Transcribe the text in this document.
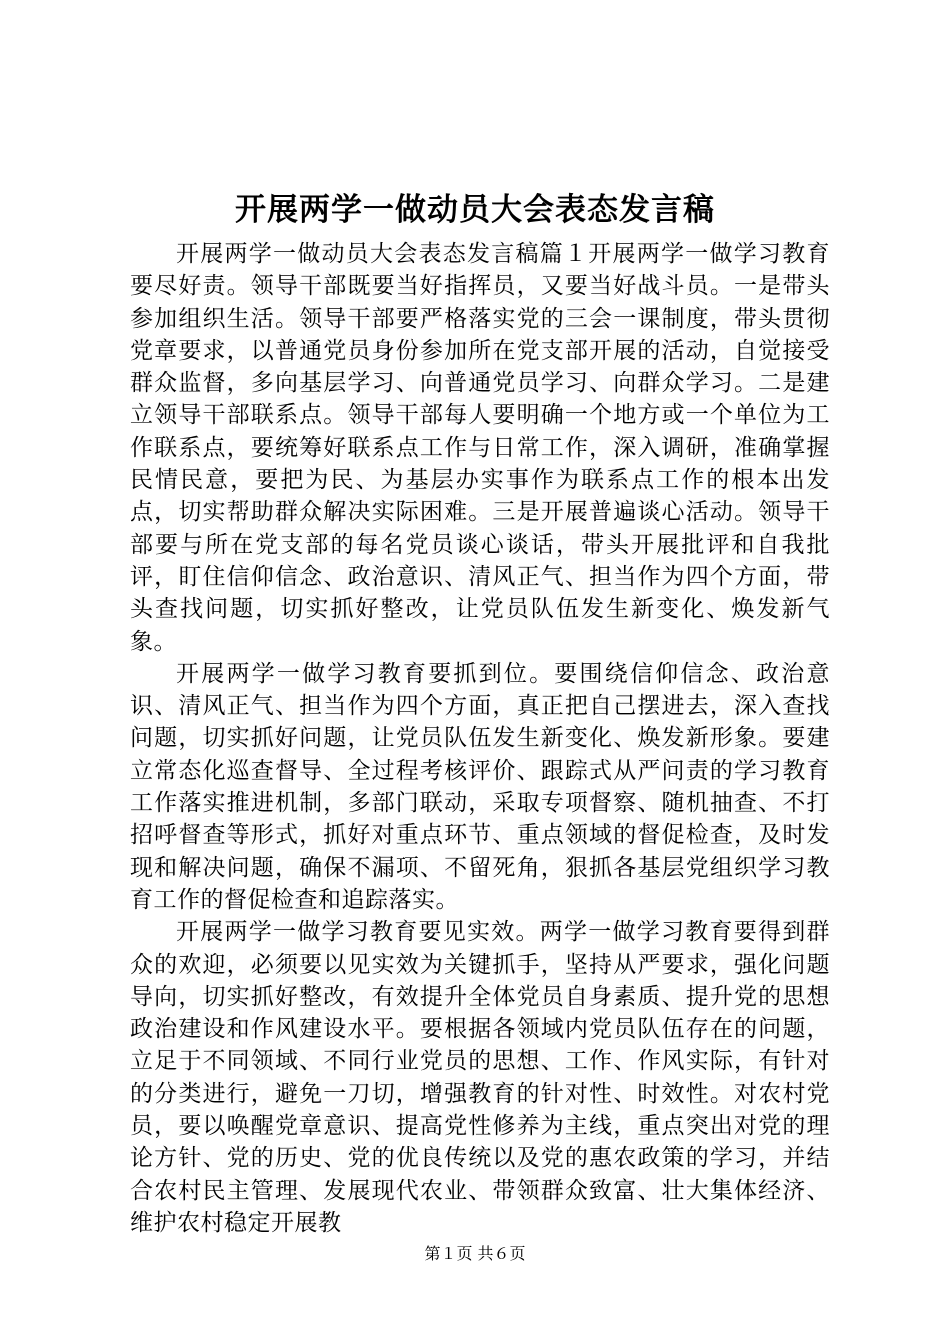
开展两学一做动员大会表态发言稿

开展两学一做动员大会表态发言稿篇１开展两学一做学习教育要尽好责。领导干部既要当好指挥员，又要当好战斗员。一是带头参加组织生活。领导干部要严格落实党的三会一课制度，带头贯彻党章要求，以普通党员身份参加所在党支部开展的活动，自觉接受群众监督，多向基层学习、向普通党员学习、向群众学习。二是建立领导干部联系点。领导干部每人要明确一个地方或一个单位为工作联系点，要统筹好联系点工作与日常工作，深入调研，准确掌握民情民意，要把为民、为基层办实事作为联系点工作的根本出发点，切实帮助群众解决实际困难。三是开展普遍谈心活动。领导干部要与所在党支部的每名党员谈心谈话，带头开展批评和自我批评，盯住信仰信念、政治意识、清风正气、担当作为四个方面，带头查找问题，切实抓好整改，让党员队伍发生新变化、焕发新气象。

开展两学一做学习教育要抓到位。要围绕信仰信念、政治意识、清风正气、担当作为四个方面，真正把自己摆进去，深入查找问题，切实抓好问题，让党员队伍发生新变化、焕发新形象。要建立常态化巡查督导、全过程考核评价、跟踪式从严问责的学习教育工作落实推进机制，多部门联动，采取专项督察、随机抽查、不打招呼督查等形式，抓好对重点环节、重点领域的督促检查，及时发现和解决问题，确保不漏项、不留死角，狠抓各基层党组织学习教育工作的督促检查和追踪落实。

开展两学一做学习教育要见实效。两学一做学习教育要得到群众的欢迎，必须要以见实效为关键抓手，坚持从严要求，强化问题导向，切实抓好整改，有效提升全体党员自身素质、提升党的思想政治建设和作风建设水平。要根据各领域内党员队伍存在的问题，立足于不同领域、不同行业党员的思想、工作、作风实际，有针对的分类进行，避免一刀切，增强教育的针对性、时效性。对农村党员，要以唤醒党章意识、提高党性修养为主线，重点突出对党的理论方针、党的历史、党的优良传统以及党的惠农政策的学习，并结合农村民主管理、发展现代农业、带领群众致富、壮大集体经济、维护农村稳定开展教

第１页 共６页
